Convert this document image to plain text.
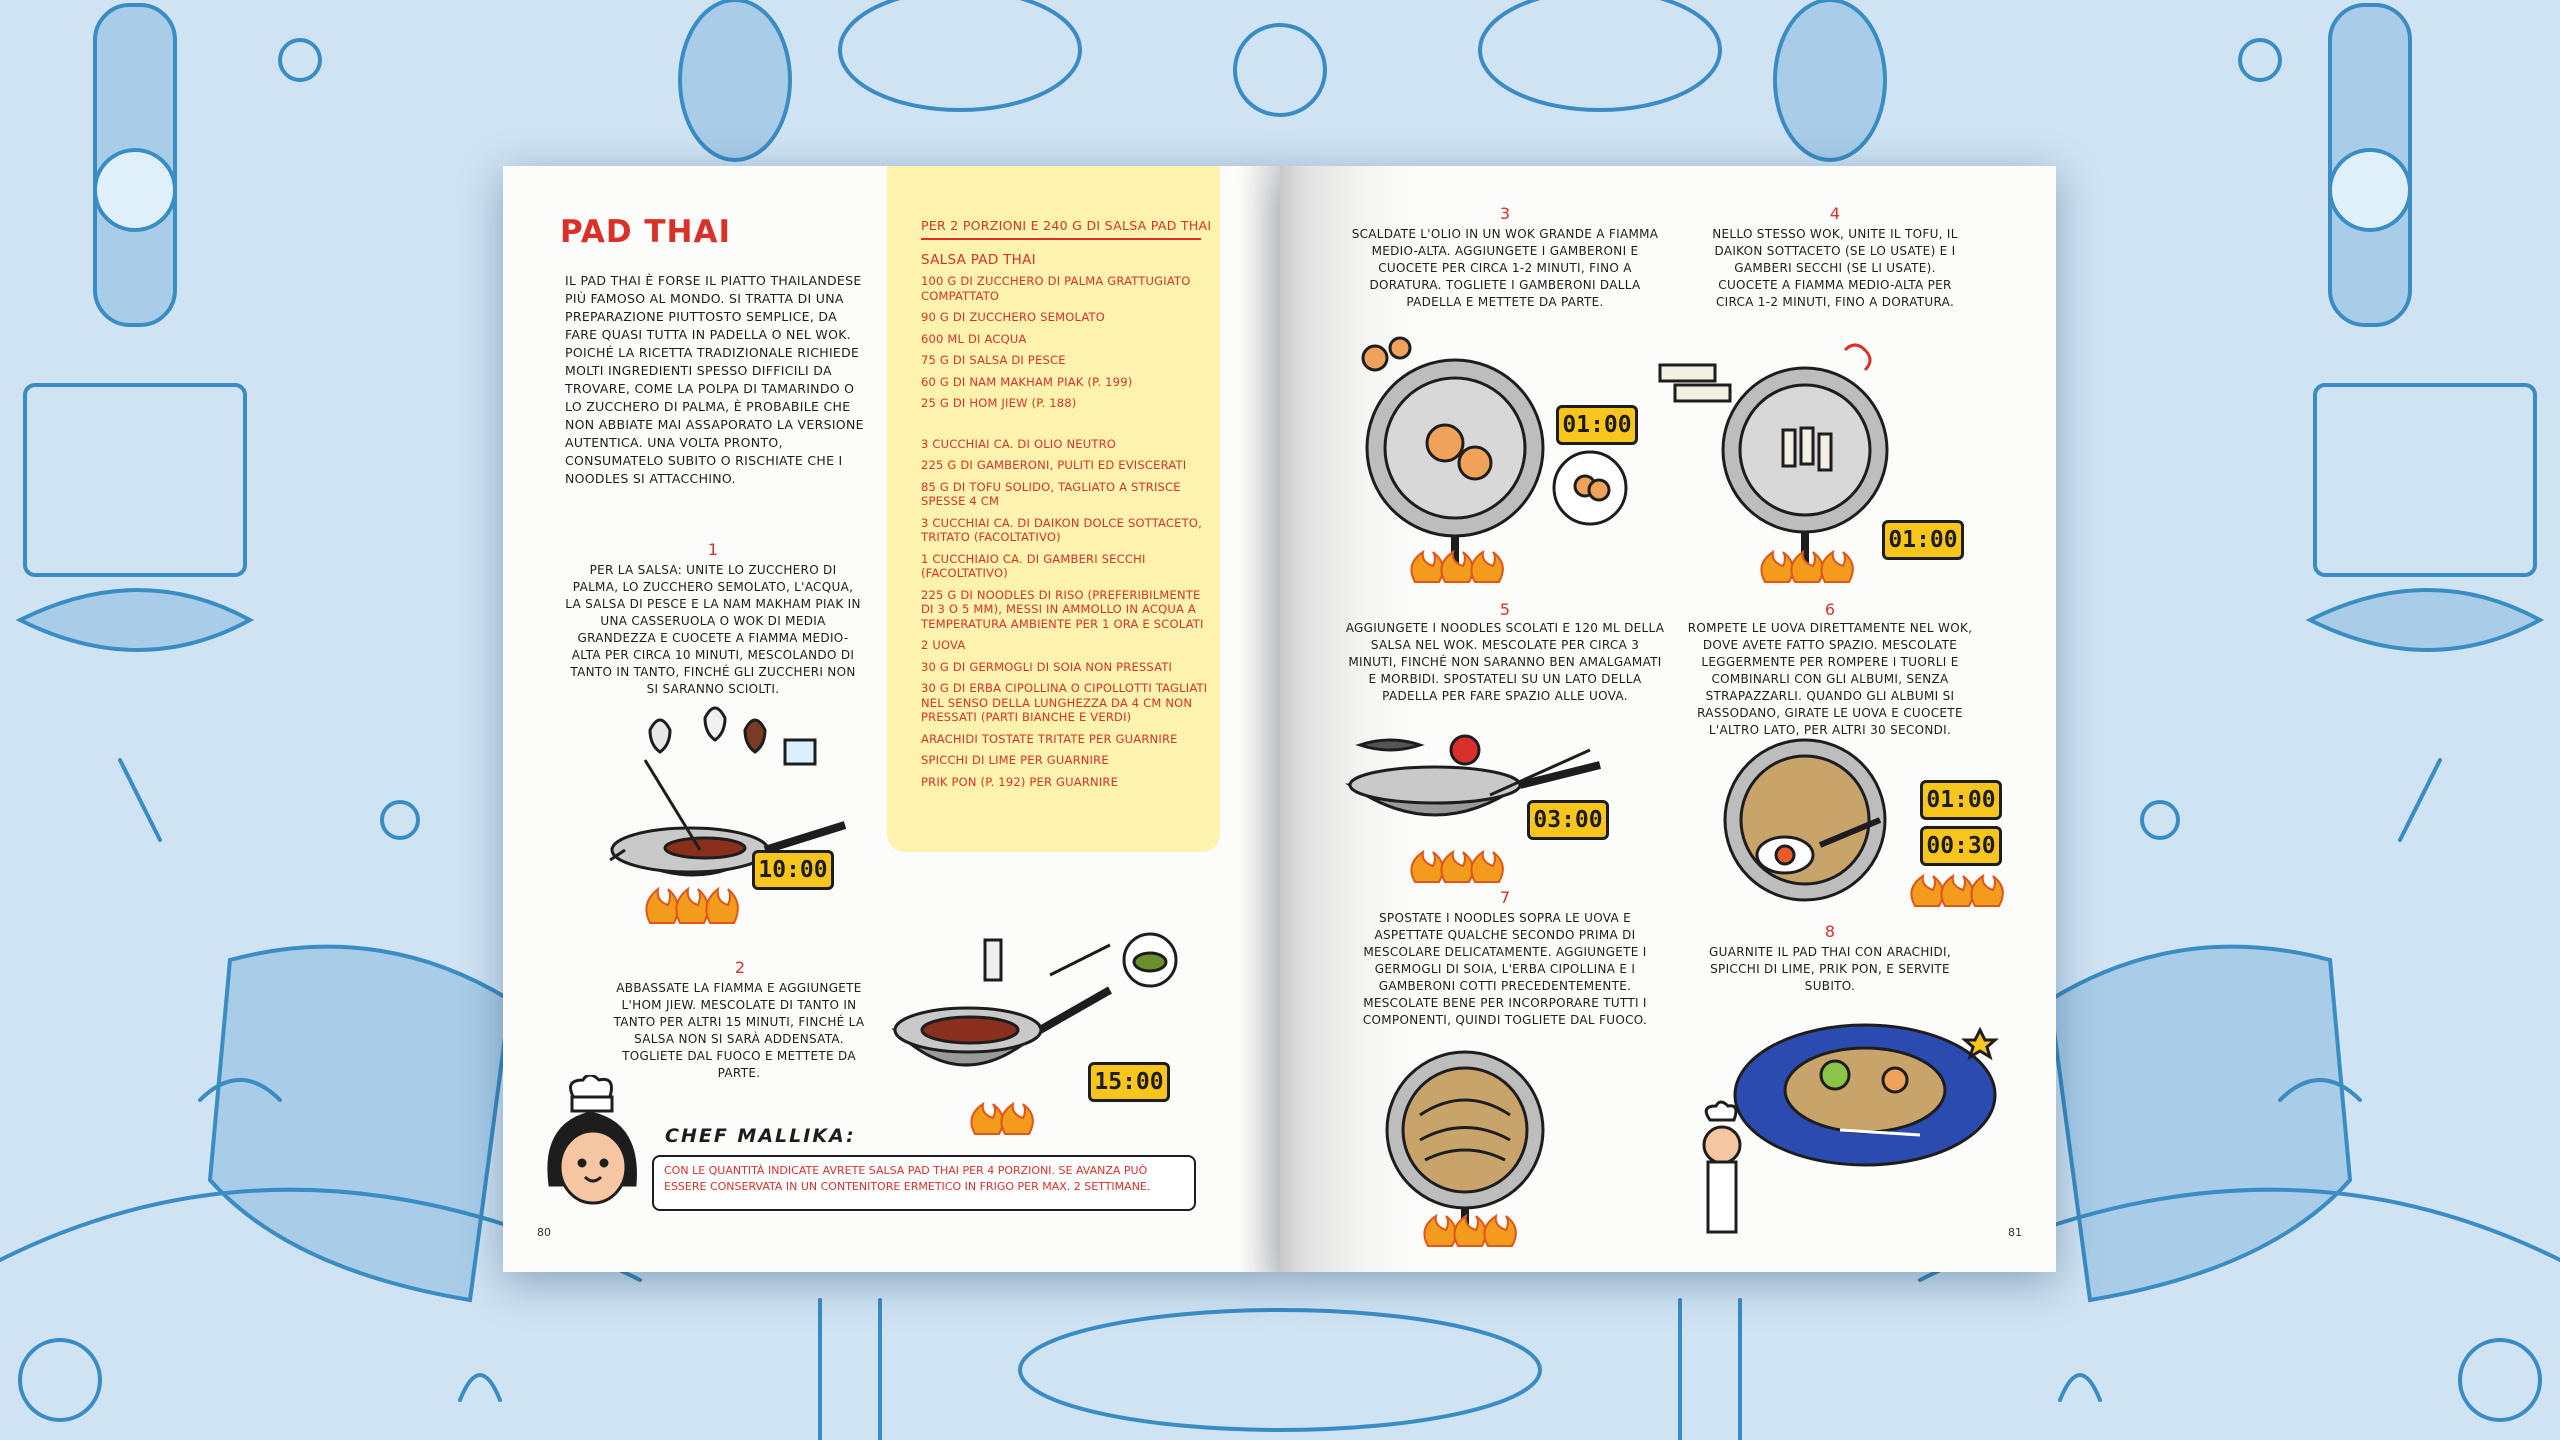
PAD THAI
IL PAD THAI È FORSE IL PIATTO THAILANDESE PIÙ FAMOSO AL MONDO. SI TRATTA DI UNA PREPARAZIONE PIUTTOSTO SEMPLICE, DA FARE QUASI TUTTA IN PADELLA O NEL WOK. POICHÉ LA RICETTA TRADIZIONALE RICHIEDE MOLTI INGREDIENTI SPESSO DIFFICILI DA TROVARE, COME LA POLPA DI TAMARINDO O LO ZUCCHERO DI PALMA, È PROBABILE CHE NON ABBIATE MAI ASSAPORATO LA VERSIONE AUTENTICA. UNA VOLTA PRONTO, CONSUMATELO SUBITO O RISCHIATE CHE I NOODLES SI ATTACCHINO.
1
PER LA SALSA: UNITE LO ZUCCHERO DI PALMA, LO ZUCCHERO SEMOLATO, L'ACQUA, LA SALSA DI PESCE E LA NAM MAKHAM PIAK IN UNA CASSERUOLA O WOK DI MEDIA GRANDEZZA E CUOCETE A FIAMMA MEDIO-ALTA PER CIRCA 10 MINUTI, MESCOLANDO DI TANTO IN TANTO, FINCHÉ GLI ZUCCHERI NON SI SARANNO SCIOLTI.
10:00
2
ABBASSATE LA FIAMMA E AGGIUNGETE L'HOM JIEW. MESCOLATE DI TANTO IN TANTO PER ALTRI 15 MINUTI, FINCHÉ LA SALSA NON SI SARÀ ADDENSATA. TOGLIETE DAL FUOCO E METTETE DA PARTE.	15:00
CHEF MALLIKA:
CON LE QUANTITÀ INDICATE AVRETE SALSA PAD THAI PER 4 PORZIONI. SE AVANZA PUÒ ESSERE CONSERVATA IN UN CONTENITORE ERMETICO IN FRIGO PER MAX. 2 SETTIMANE.
80
PER 2 PORZIONI E 240 G DI SALSA PAD THAI
SALSA PAD THAI
100 G DI ZUCCHERO DI PALMA GRATTUGIATO COMPATTATO
90 G DI ZUCCHERO SEMOLATO
600 ML DI ACQUA
75 G DI SALSA DI PESCE
60 G DI NAM MAKHAM PIAK (P. 199)
25 G DI HOM JIEW (P. 188)
3 CUCCHIAI CA. DI OLIO NEUTRO
225 G DI GAMBERONI, PULITI ED EVISCERATI
85 G DI TOFU SOLIDO, TAGLIATO A STRISCE SPESSE 4 CM
3 CUCCHIAI CA. DI DAIKON DOLCE SOTTACETO, TRITATO (FACOLTATIVO)
1 CUCCHIAIO CA. DI GAMBERI SECCHI (FACOLTATIVO)
225 G DI NOODLES DI RISO (PREFERIBILMENTE DI 3 O 5 MM), MESSI IN AMMOLLO IN ACQUA A TEMPERATURA AMBIENTE PER 1 ORA E SCOLATI
2 UOVA
30 G DI GERMOGLI DI SOIA NON PRESSATI
30 G DI ERBA CIPOLLINA O CIPOLLOTTI TAGLIATI NEL SENSO DELLA LUNGHEZZA DA 4 CM NON PRESSATI (PARTI BIANCHE E VERDI)
ARACHIDI TOSTATE TRITATE PER GUARNIRE
SPICCHI DI LIME PER GUARNIRE
PRIK PON (P. 192) PER GUARNIRE
3
SCALDATE L'OLIO IN UN WOK GRANDE A FIAMMA MEDIO-ALTA. AGGIUNGETE I GAMBERONI E CUOCETE PER CIRCA 1-2 MINUTI, FINO A DORATURA. TOGLIETE I GAMBERONI DALLA PADELLA E METTETE DA PARTE.
01:00
4
NELLO STESSO WOK, UNITE IL TOFU, IL DAIKON SOTTACETO (SE LO USATE) E I GAMBERI SECCHI (SE LI USATE). CUOCETE A FIAMMA MEDIO-ALTA PER CIRCA 1-2 MINUTI, FINO A DORATURA.
01:00
5
AGGIUNGETE I NOODLES SCOLATI E 120 ML DELLA SALSA NEL WOK. MESCOLATE PER CIRCA 3 MINUTI, FINCHÉ NON SARANNO BEN AMALGAMATI E MORBIDI. SPOSTATELI SU UN LATO DELLA PADELLA PER FARE SPAZIO ALLE UOVA.
03:00
6
ROMPETE LE UOVA DIRETTAMENTE NEL WOK, DOVE AVETE FATTO SPAZIO. MESCOLATE LEGGERMENTE PER ROMPERE I TUORLI E COMBINARLI CON GLI ALBUMI, SENZA STRAPAZZARLI. QUANDO GLI ALBUMI SI RASSODANO, GIRATE LE UOVA E CUOCETE L'ALTRO LATO, PER ALTRI 30 SECONDI.
01:00
00:30
7
SPOSTATE I NOODLES SOPRA LE UOVA E ASPETTATE QUALCHE SECONDO PRIMA DI MESCOLARE DELICATAMENTE. AGGIUNGETE I GERMOGLI DI SOIA, L'ERBA CIPOLLINA E I GAMBERONI COTTI PRECEDENTEMENTE. MESCOLATE BENE PER INCORPORARE TUTTI I COMPONENTI, QUINDI TOGLIETE DAL FUOCO.
8
GUARNITE IL PAD THAI CON ARACHIDI, SPICCHI DI LIME, PRIK PON, E SERVITE SUBITO.
81
